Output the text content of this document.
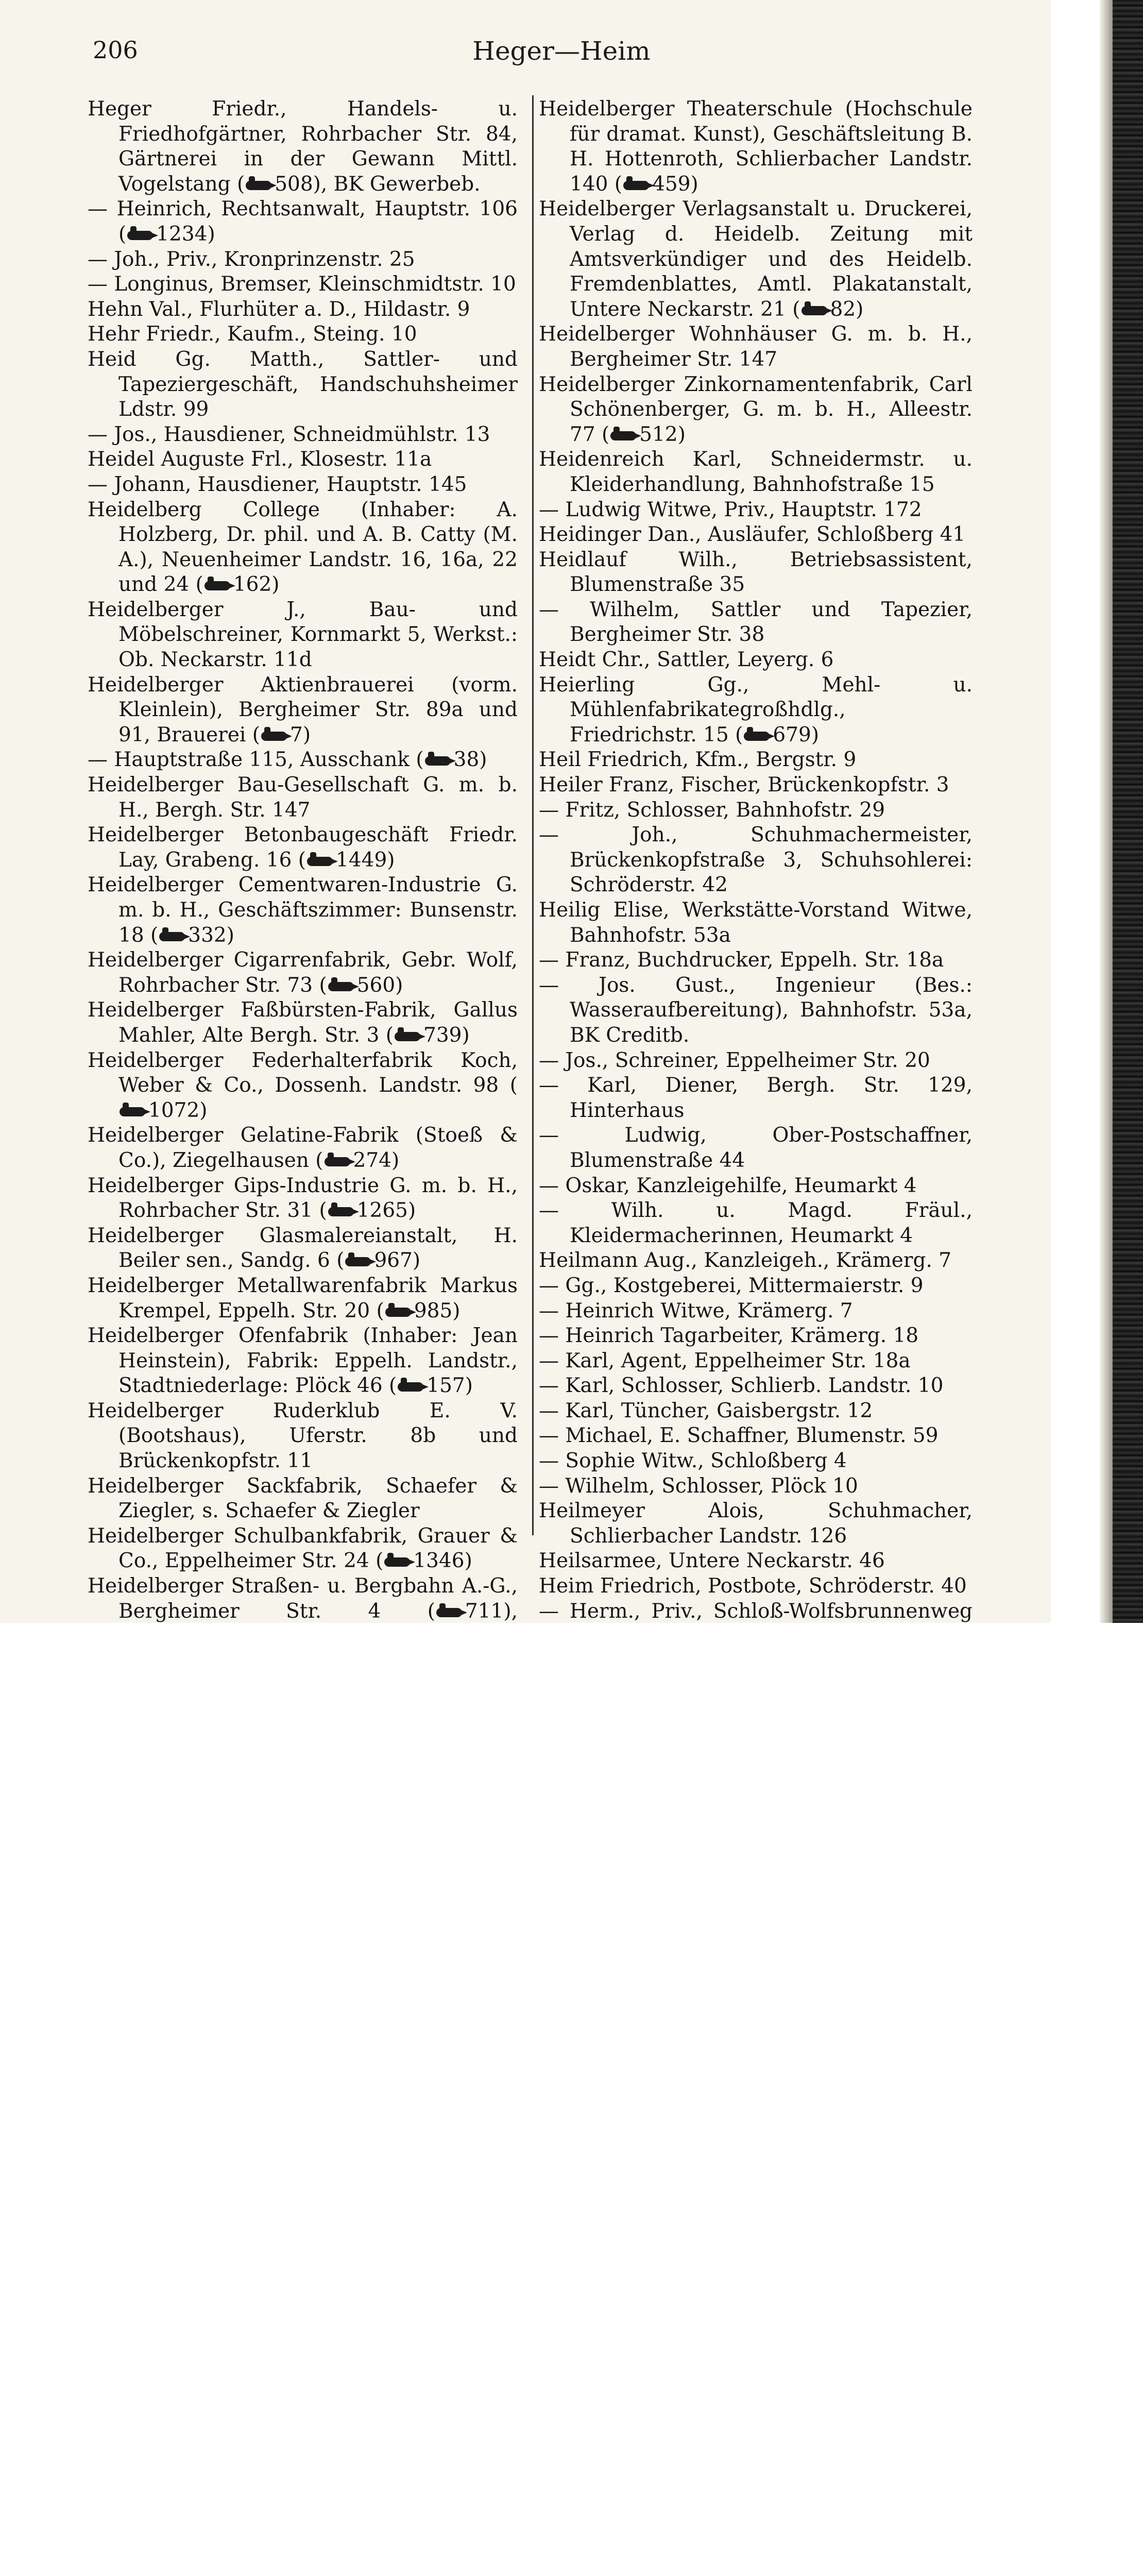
206	Heger—Heim

Heger Friedr., Handels- u. Friedhofgärtner, Rohrbacher Str. 84, Gärtnerei in der Gewann Mittl. Vogelstang ( 508), BK Gewerbeb.

— Heinrich, Rechtsanwalt, Hauptstr. 106 ( 1234)

— Joh., Priv., Kronprinzenstr. 25

— Longinus, Bremser, Kleinschmidtstr. 10

Hehn Val., Flurhüter a. D., Hildastr. 9

Hehr Friedr., Kaufm., Steing. 10

Heid Gg. Matth., Sattler- und Tapeziergeschäft, Handschuhsheimer Ldstr. 99

— Jos., Hausdiener, Schneidmühlstr. 13

Heidel Auguste Frl., Klosestr. 11a

— Johann, Hausdiener, Hauptstr. 145

Heidelberg College (Inhaber: A. Holzberg, Dr. phil. und A. B. Catty (M. A.), Neuenheimer Landstr. 16, 16a, 22 und 24 ( 162)

Heidelberger J., Bau- und Möbelschreiner, Kornmarkt 5, Werkst.: Ob. Neckarstr. 11d

Heidelberger Aktienbrauerei (vorm. Kleinlein), Bergheimer Str. 89a und 91, Brauerei ( 7)

— Hauptstraße 115, Ausschank ( 38)

Heidelberger Bau-Gesellschaft G. m. b. H., Bergh. Str. 147

Heidelberger Betonbaugeschäft Friedr. Lay, Grabeng. 16 ( 1449)

Heidelberger Cementwaren-Industrie G. m. b. H., Geschäftszimmer: Bunsenstr. 18 ( 332)

Heidelberger Cigarrenfabrik, Gebr. Wolf, Rohrbacher Str. 73 ( 560)

Heidelberger Faßbürsten-Fabrik, Gallus Mahler, Alte Bergh. Str. 3 ( 739)

Heidelberger Federhalterfabrik Koch, Weber & Co., Dossenh. Landstr. 98 (1072)

Heidelberger Gelatine-Fabrik (Stoeß & Co.), Ziegelhausen ( 274)

Heidelberger Gips-Industrie G. m. b. H., Rohrbacher Str. 31 ( 1265)

Heidelberger Glasmalereianstalt, H. Beiler sen., Sandg. 6 ( 967)

Heidelberger Metallwarenfabrik Markus Krempel, Eppelh. Str. 20 ( 985)

Heidelberger Ofenfabrik (Inhaber: Jean Heinstein), Fabrik: Eppelh. Landstr., Stadtniederlage: Plöck 46 ( 157)

Heidelberger Ruderklub E. V. (Bootshaus), Uferstr. 8b und Brückenkopfstr. 11

Heidelberger Sackfabrik, Schaefer & Ziegler, s. Schaefer & Ziegler

Heidelberger Schulbankfabrik, Grauer & Co., Eppelheimer Str. 24 ( 1346)

Heidelberger Straßen- u. Bergbahn A.-G., Bergheimer Str. 4 ( 711),

Heidelberger Theaterschule (Hochschule für dramat. Kunst), Geschäftsleitung B. H. Hottenroth, Schlierbacher Landstr. 140 ( 459)

Heidelberger Verlagsanstalt u. Druckerei, Verlag d. Heidelb. Zeitung mit Amtsverkündiger und des Heidelb. Fremdenblattes, Amtl. Plakatanstalt, Untere Neckarstr. 21 ( 82)

Heidelberger Wohnhäuser G. m. b. H., Bergheimer Str. 147

Heidelberger Zinkornamentenfabrik, Carl Schönenberger, G. m. b. H., Alleestr. 77 ( 512)

Heidenreich Karl, Schneidermstr. u. Kleiderhandlung, Bahnhofstraße 15

— Ludwig Witwe, Priv., Hauptstr. 172

Heidinger Dan., Ausläufer, Schloßberg 41

Heidlauf Wilh., Betriebsassistent, Blumenstraße 35

— Wilhelm, Sattler und Tapezier, Bergheimer Str. 38

Heidt Chr., Sattler, Leyerg. 6

Heierling Gg., Mehl- u. Mühlenfabrikategroßhdlg., Friedrichstr. 15 ( 679)

Heil Friedrich, Kfm., Bergstr. 9

Heiler Franz, Fischer, Brückenkopfstr. 3

— Fritz, Schlosser, Bahnhofstr. 29

— Joh., Schuhmachermeister, Brückenkopfstraße 3, Schuhsohlerei: Schröderstr. 42

Heilig Elise, Werkstätte-Vorstand Witwe, Bahnhofstr. 53a

— Franz, Buchdrucker, Eppelh. Str. 18a

— Jos. Gust., Ingenieur (Bes.: Wasseraufbereitung), Bahnhofstr. 53a, BK Creditb.

— Jos., Schreiner, Eppelheimer Str. 20

— Karl, Diener, Bergh. Str. 129, Hinterhaus

— Ludwig, Ober-Postschaffner, Blumenstraße 44

— Oskar, Kanzleigehilfe, Heumarkt 4

— Wilh. u. Magd. Fräul., Kleidermacherinnen, Heumarkt 4

Heilmann Aug., Kanzleigeh., Krämerg. 7

— Gg., Kostgeberei, Mittermaierstr. 9

— Heinrich Witwe, Krämerg. 7

— Heinrich Tagarbeiter, Krämerg. 18

— Karl, Agent, Eppelheimer Str. 18a

— Karl, Schlosser, Schlierb. Landstr. 10

— Karl, Tüncher, Gaisbergstr. 12

— Michael, E. Schaffner, Blumenstr. 59

— Sophie Witw., Schloßberg 4

— Wilhelm, Schlosser, Plöck 10

Heilmeyer Alois, Schuhmacher, Schlierbacher Landstr. 126

Heilsarmee, Untere Neckarstr. 46

Heim Friedrich, Postbote, Schröderstr. 40

— Herm., Priv., Schloß-Wolfsbrunnenweg
